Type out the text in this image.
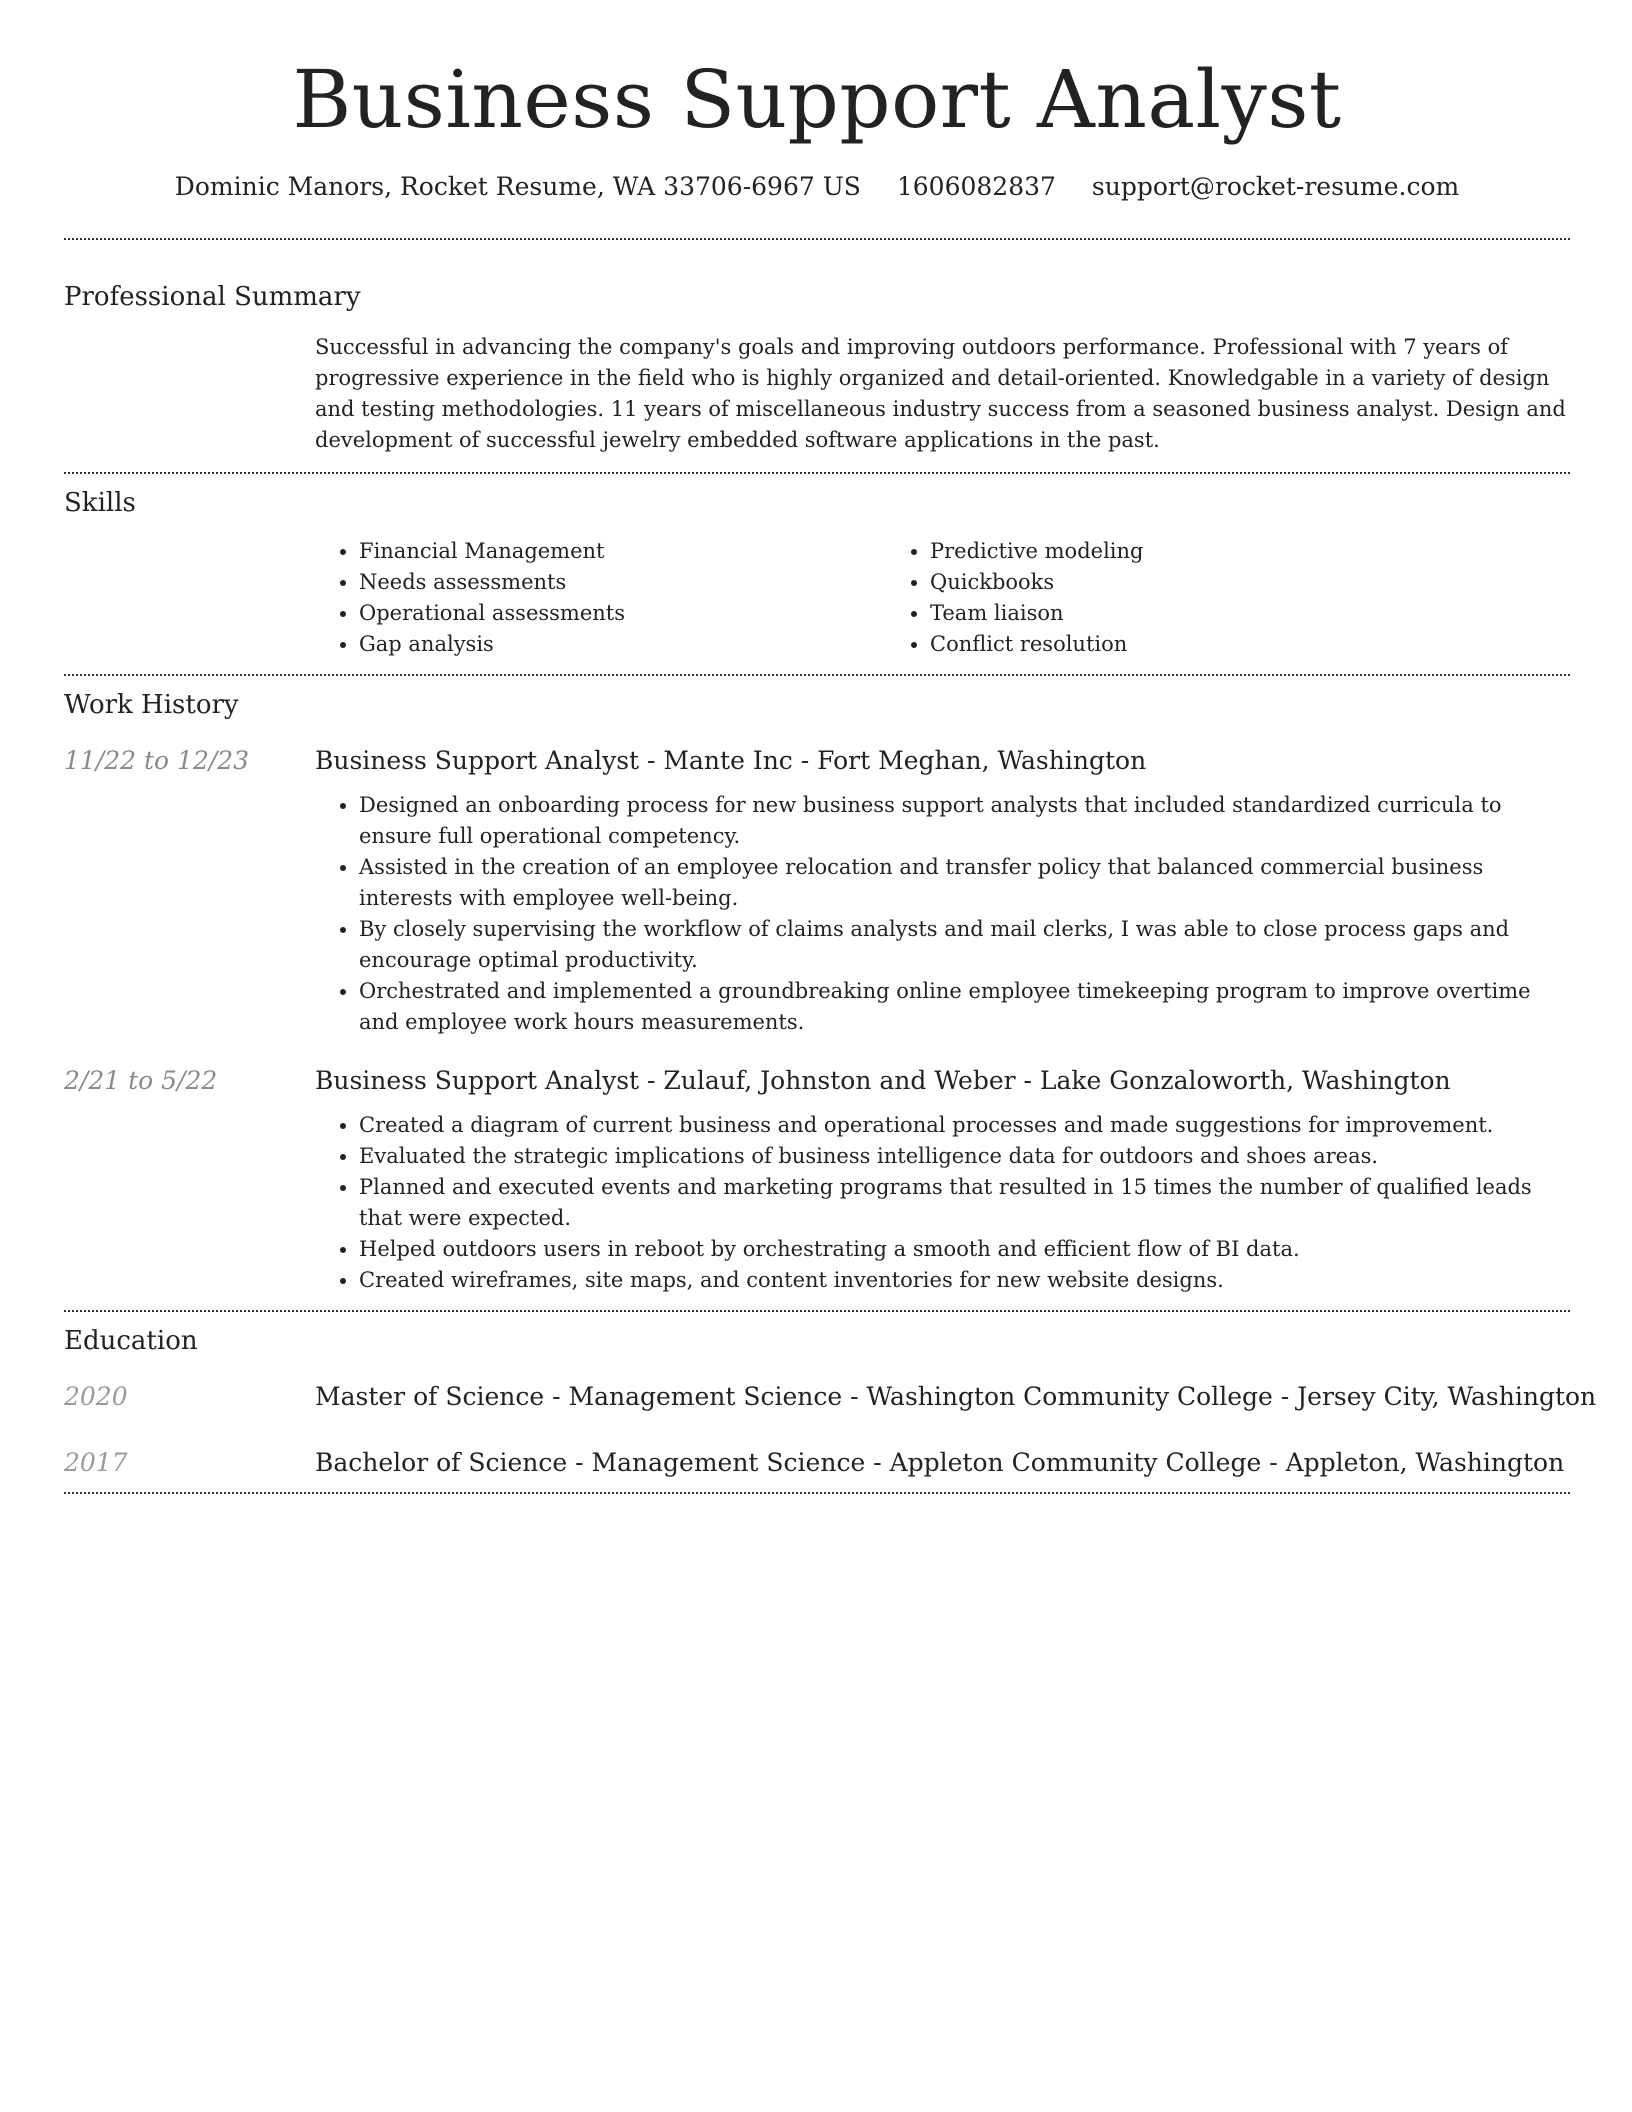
Business Support Analyst
Dominic Manors, Rocket Resume, WA 33706-6967 US 1606082837 support@rocket-resume.com
Professional Summary

Successful in advancing the company's goals and improving outdoors performance. Professional with 7 years of progressive experience in the field who is highly organized and detail-oriented. Knowledgable in a variety of design and testing methodologies. 11 years of miscellaneous industry success from a seasoned business analyst. Design and development of successful jewelry embedded software applications in the past.

Skills
• Financial Management
• Needs assessments
• Operational assessments
• Gap analysis
• Predictive modeling
• Quickbooks
• Team liaison
• Conflict resolution
Work History
11/22 to 12/23	Business Support Analyst - Mante Inc - Fort Meghan, Washington
• Designed an onboarding process for new business support analysts that included standardized curricula to ensure full operational competency.
• Assisted in the creation of an employee relocation and transfer policy that balanced commercial business interests with employee well-being.
• By closely supervising the workflow of claims analysts and mail clerks, I was able to close process gaps and encourage optimal productivity.
• Orchestrated and implemented a groundbreaking online employee timekeeping program to improve overtime and employee work hours measurements.
2/21 to 5/22	Business Support Analyst - Zulauf, Johnston and Weber - Lake Gonzaloworth, Washington
• Created a diagram of current business and operational processes and made suggestions for improvement.
• Evaluated the strategic implications of business intelligence data for outdoors and shoes areas.
• Planned and executed events and marketing programs that resulted in 15 times the number of qualified leads that were expected.
• Helped outdoors users in reboot by orchestrating a smooth and efficient flow of BI data.
• Created wireframes, site maps, and content inventories for new website designs.
Education
2020	Master of Science - Management Science - Washington Community College - Jersey City, Washington
2017	Bachelor of Science - Management Science - Appleton Community College - Appleton, Washington
